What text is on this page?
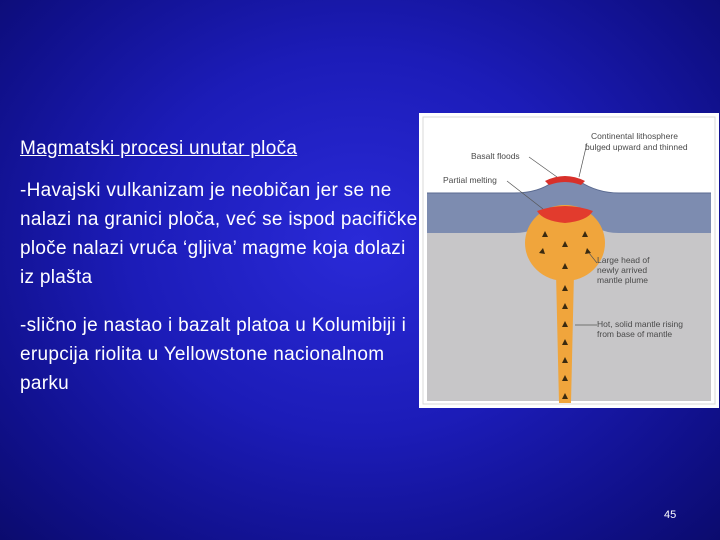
Magmatski procesi unutar ploča
-Havajski vulkanizam je neobičan jer se ne nalazi na granici ploča, već se ispod pacifičke ploče nalazi vruća ‘gljiva’ magme koja dolazi iz plašta
-slično je nastao i bazalt platoa u Kolumibiji i erupcija riolita u Yellowstone nacionalnom parku
Continental lithosphere
bulged upward and thinned
Basalt floods
Partial melting
Large head of
newly arrived
mantle plume
Hot, solid mantle rising
from base of mantle
45
